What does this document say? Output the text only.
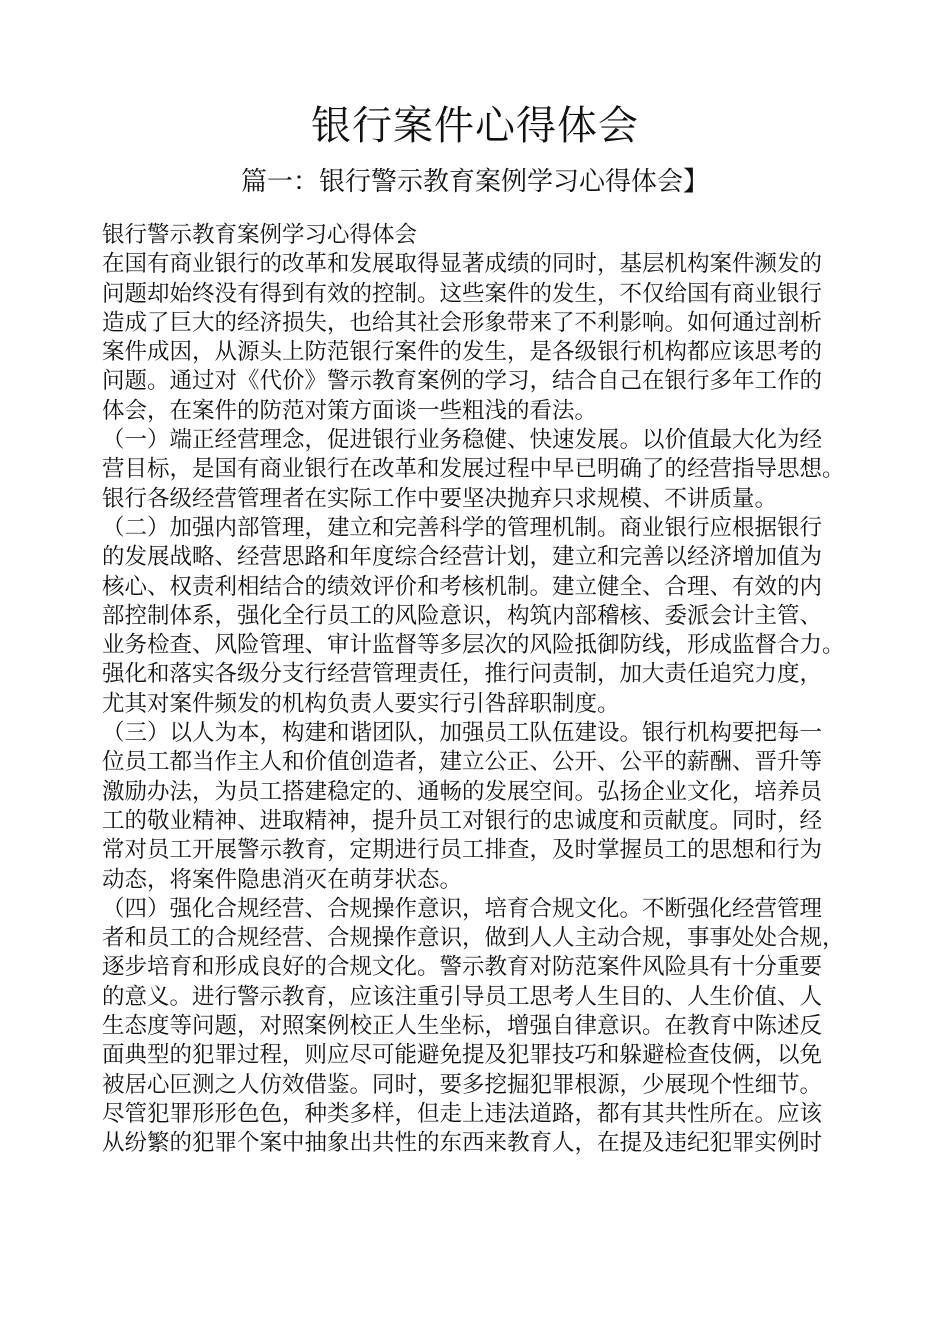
银行案件心得体会
篇一：银行警示教育案例学习心得体会】
银行警示教育案例学习心得体会
在国有商业银行的改革和发展取得显著成绩的同时，基层机构案件濒发的
问题却始终没有得到有效的控制。这些案件的发生，不仅给国有商业银行
造成了巨大的经济损失，也给其社会形象带来了不利影响。如何通过剖析
案件成因，从源头上防范银行案件的发生，是各级银行机构都应该思考的
问题。通过对《代价》警示教育案例的学习，结合自己在银行多年工作的
体会，在案件的防范对策方面谈一些粗浅的看法。
（一）端正经营理念，促进银行业务稳健、快速发展。以价值最大化为经
营目标，是国有商业银行在改革和发展过程中早已明确了的经营指导思想。
银行各级经营管理者在实际工作中要坚决抛弃只求规模、不讲质量。
（二）加强内部管理，建立和完善科学的管理机制。商业银行应根据银行
的发展战略、经营思路和年度综合经营计划，建立和完善以经济增加值为
核心、权责利相结合的绩效评价和考核机制。建立健全、合理、有效的内
部控制体系，强化全行员工的风险意识，构筑内部稽核、委派会计主管、
业务检查、风险管理、审计监督等多层次的风险抵御防线，形成监督合力。
强化和落实各级分支行经营管理责任，推行问责制，加大责任追究力度，
尤其对案件频发的机构负责人要实行引咎辞职制度。
（三）以人为本，构建和谐团队，加强员工队伍建设。银行机构要把每一
位员工都当作主人和价值创造者，建立公正、公开、公平的薪酬、晋升等
激励办法，为员工搭建稳定的、通畅的发展空间。弘扬企业文化，培养员
工的敬业精神、进取精神，提升员工对银行的忠诚度和贡献度。同时，经
常对员工开展警示教育，定期进行员工排查，及时掌握员工的思想和行为
动态，将案件隐患消灭在萌芽状态。
（四）强化合规经营、合规操作意识，培育合规文化。不断强化经营管理
者和员工的合规经营、合规操作意识，做到人人主动合规，事事处处合规，
逐步培育和形成良好的合规文化。警示教育对防范案件风险具有十分重要
的意义。进行警示教育，应该注重引导员工思考人生目的、人生价值、人
生态度等问题，对照案例校正人生坐标，增强自律意识。在教育中陈述反
面典型的犯罪过程，则应尽可能避免提及犯罪技巧和躲避检查伎俩，以免
被居心叵测之人仿效借鉴。同时，要多挖掘犯罪根源，少展现个性细节。
尽管犯罪形形色色，种类多样，但走上违法道路，都有其共性所在。应该
从纷繁的犯罪个案中抽象出共性的东西来教育人，在提及违纪犯罪实例时
